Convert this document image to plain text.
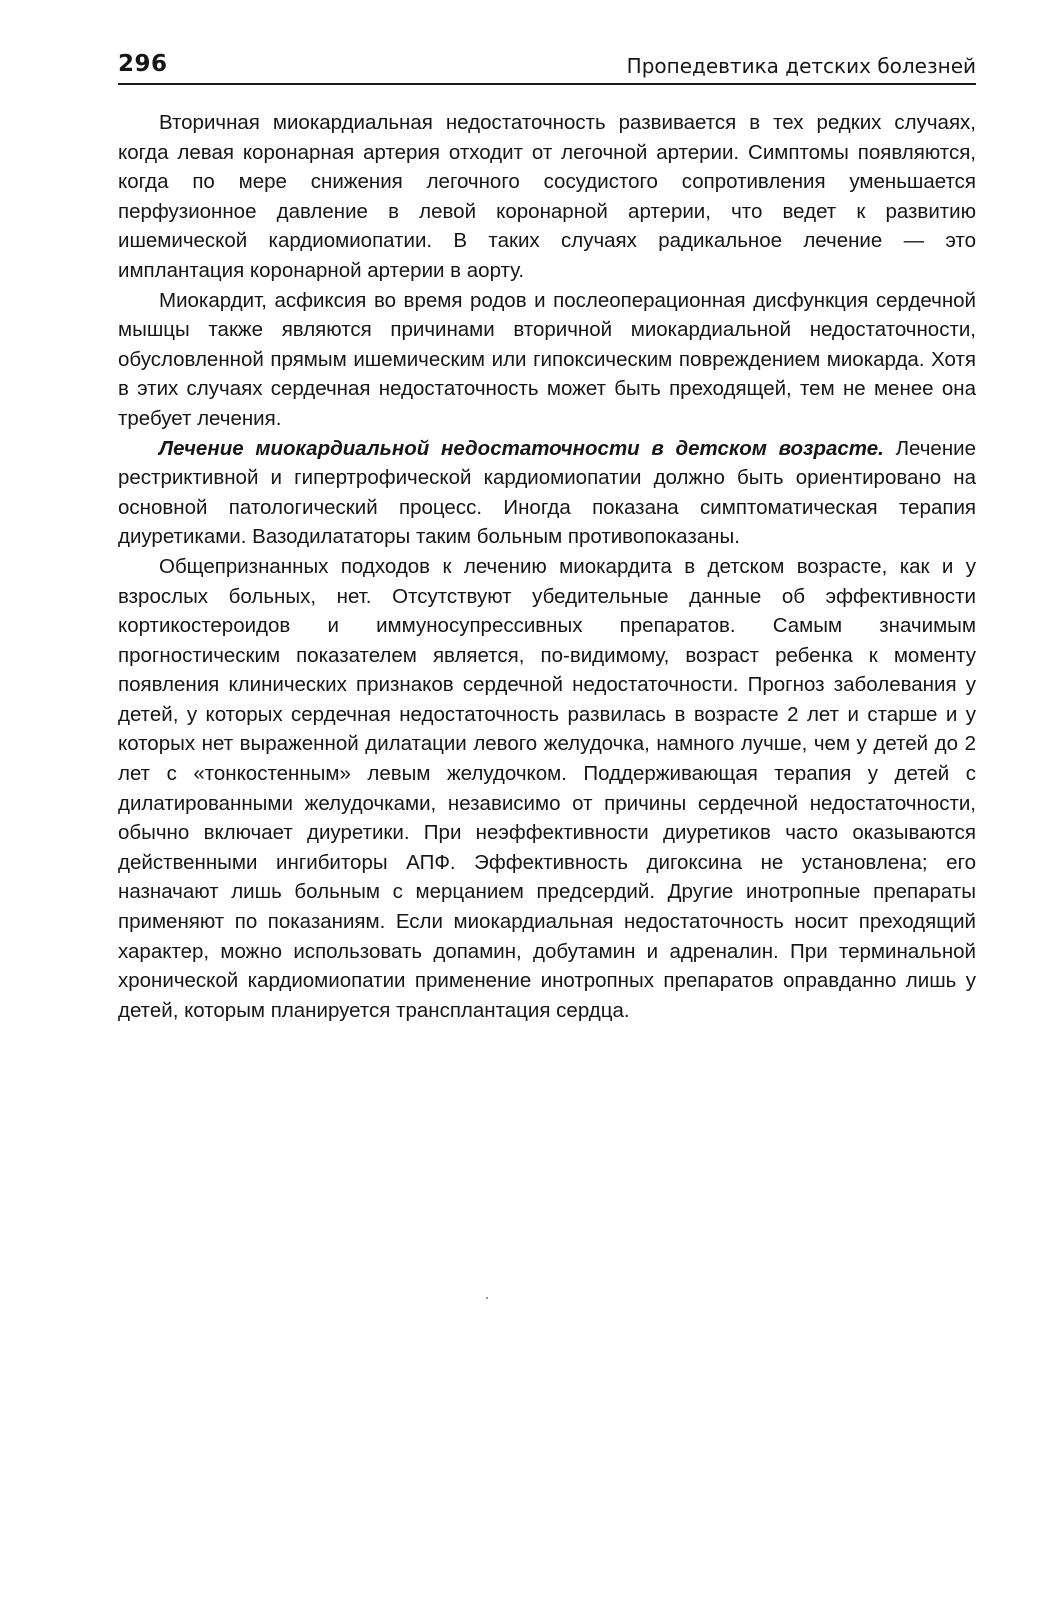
296	Пропедевтика детских болезней

Вторичная миокардиальная недостаточность развивается в тех редких случаях, когда левая коронарная артерия отходит от легочной артерии. Симптомы появляются, когда по мере снижения легочного сосудистого сопротивления уменьшается перфузионное давление в левой коронарной артерии, что ведет к развитию ишемической кардиомиопатии. В таких случаях радикальное лечение — это имплантация коронарной артерии в аорту.

Миокардит, асфиксия во время родов и послеоперационная дисфункция сердечной мышцы также являются причинами вторичной миокардиальной недостаточности, обусловленной прямым ишемическим или гипоксическим повреждением миокарда. Хотя в этих случаях сердечная недостаточность может быть преходящей, тем не менее она требует лечения.

Лечение миокардиальной недостаточности в детском возрасте. Лечение рестриктивной и гипертрофической кардиомиопатии должно быть ориентировано на основной патологический процесс. Иногда показана симптоматическая терапия диуретиками. Вазодилататоры таким больным противопоказаны.

Общепризнанных подходов к лечению миокардита в детском возрасте, как и у взрослых больных, нет. Отсутствуют убедительные данные об эффективности кортикостероидов и иммуносупрессивных препаратов. Самым значимым прогностическим показателем является, по-видимому, возраст ребенка к моменту появления клинических признаков сердечной недостаточности. Прогноз заболевания у детей, у которых сердечная недостаточность развилась в возрасте 2 лет и старше и у которых нет выраженной дилатации левого желудочка, намного лучше, чем у детей до 2 лет с «тонкостенным» левым желудочком. Поддерживающая терапия у детей с дилатированными желудочками, независимо от причины сердечной недостаточности, обычно включает диуретики. При неэффективности диуретиков часто оказываются действенными ингибиторы АПФ. Эффективность дигоксина не установлена; его назначают лишь больным с мерцанием предсердий. Другие инотропные препараты применяют по показаниям. Если миокардиальная недостаточность носит преходящий характер, можно использовать допамин, добутамин и адреналин. При терминальной хронической кардиомиопатии применение инотропных препаратов оправданно лишь у детей, которым планируется трансплантация сердца.
